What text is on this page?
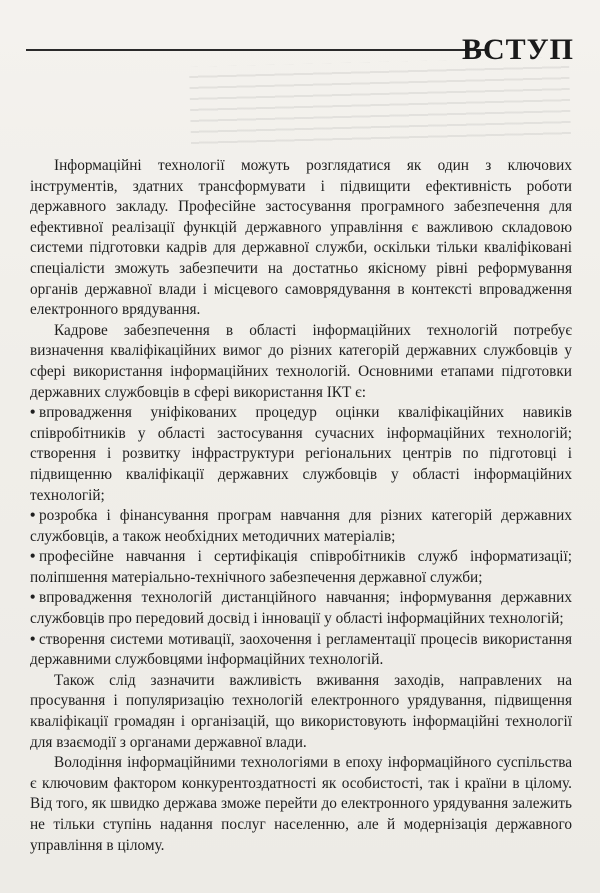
ВСТУП

Інформаційні технології можуть розглядатися як один з ключових інструментів, здатних трансформувати і підвищити ефективність роботи державного закладу. Професійне застосування програмного забезпечення для ефективної реалізації функцій державного управління є важливою складовою системи підготовки кадрів для державної служби, оскільки тільки кваліфіковані спеціалісти зможуть забезпечити на достатньо якісному рівні реформування органів державної влади і місцевого самоврядування в контексті впровадження електронного врядування.

Кадрове забезпечення в області інформаційних технологій потребує визначення кваліфікаційних вимог до різних категорій державних службовців у сфері використання інформаційних технологій. Основними етапами підготовки державних службовців в сфері використання ІКТ є:

• впровадження уніфікованих процедур оцінки кваліфікаційних навиків співробітників у області застосування сучасних інформаційних технологій; створення і розвитку інфраструктури регіональних центрів по підготовці і підвищенню кваліфікації державних службовців у області інформаційних технологій;

• розробка і фінансування програм навчання для різних категорій державних службовців, а також необхідних методичних матеріалів;

• професійне навчання і сертифікація співробітників служб інформатизації; поліпшення матеріально-технічного забезпечення державної служби;

• впровадження технологій дистанційного навчання; інформування державних службовців про передовий досвід і інновації у області інформаційних технологій;

• створення системи мотивації, заохочення і регламентації процесів використання державними службовцями інформаційних технологій.

Також слід зазначити важливість вживання заходів, направлених на просування і популяризацію технологій електронного урядування, підвищення кваліфікації громадян і організацій, що використовують інформаційні технології для взаємодії з органами державної влади.

Володіння інформаційними технологіями в епоху інформаційного суспільства є ключовим фактором конкурентоздатності як особистості, так і країни в цілому. Від того, як швидко держава зможе перейти до електронного урядування залежить не тільки ступінь надання послуг населенню, але й модернізація державного управління в цілому.
